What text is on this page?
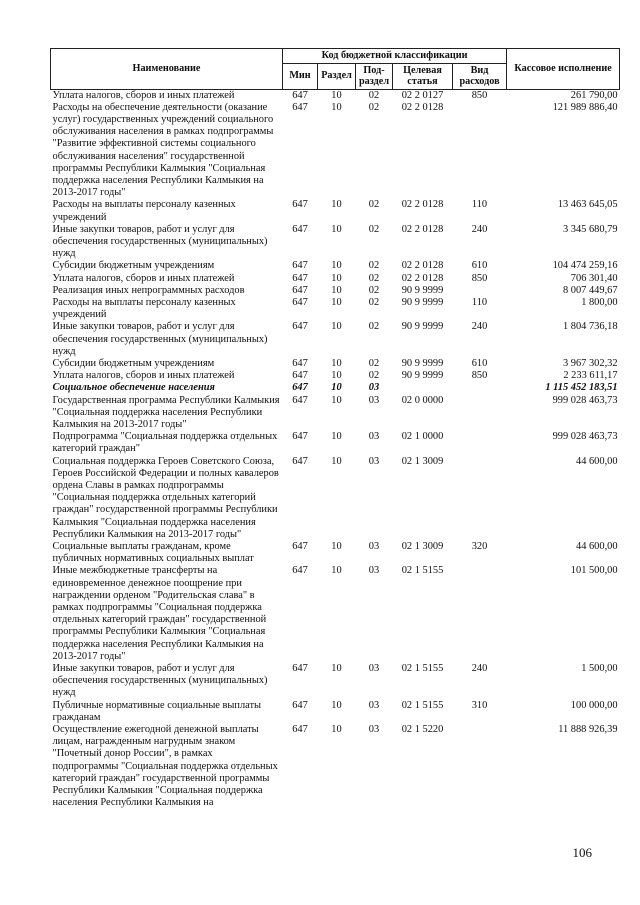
Наименование	Код бюджетной классификации					Кассовое исполнение
	Мин	Раздел	Под-раздел	Целевая статья	Вид расходов	
Уплата налогов, сборов и иных платежей	647	10	02	02 2 0127	850	261 790,00
Расходы на обеспечение деятельности (оказание услуг) государственных учреждений социального обслуживания населения в рамках подпрограммы "Развитие эффективной системы социального обслуживания населения" государственной программы Республики Калмыкия "Социальная поддержка населения Республики Калмыкия на 2013-2017 годы"	647	10	02	02 2 0128		121 989 886,40
Расходы на выплаты персоналу казенных учреждений	647	10	02	02 2 0128	110	13 463 645,05
Иные закупки товаров, работ и услуг для обеспечения государственных (муниципальных) нужд	647	10	02	02 2 0128	240	3 345 680,79
Субсидии бюджетным учреждениям	647	10	02	02 2 0128	610	104 474 259,16
Уплата налогов, сборов и иных платежей	647	10	02	02 2 0128	850	706 301,40
Реализация иных непрограммных расходов	647	10	02	90 9 9999		8 007 449,67
Расходы на выплаты персоналу казенных учреждений	647	10	02	90 9 9999	110	1 800,00
Иные закупки товаров, работ и услуг для обеспечения государственных (муниципальных) нужд	647	10	02	90 9 9999	240	1 804 736,18
Субсидии бюджетным учреждениям	647	10	02	90 9 9999	610	3 967 302,32
Уплата налогов, сборов и иных платежей	647	10	02	90 9 9999	850	2 233 611,17
Социальное обеспечение населения	647	10	03			1 115 452 183,51
Государственная программа Республики Калмыкия "Социальная поддержка населения Республики Калмыкия на 2013-2017 годы"	647	10	03	02 0 0000		999 028 463,73
Подпрограмма "Социальная поддержка отдельных категорий граждан"	647	10	03	02 1 0000		999 028 463,73
Социальная поддержка Героев Советского Союза, Героев Российской Федерации и полных кавалеров ордена Славы в рамках подпрограммы "Социальная поддержка отдельных категорий граждан" государственной программы Республики Калмыкия "Социальная поддержка населения Республики Калмыкия на 2013-2017 годы"	647	10	03	02 1 3009		44 600,00
Социальные выплаты гражданам, кроме публичных нормативных социальных выплат	647	10	03	02 1 3009	320	44 600,00
Иные межбюджетные трансферты на единовременное денежное поощрение при награждении орденом "Родительская слава" в рамках подпрограммы "Социальная поддержка отдельных категорий граждан" государственной программы Республики Калмыкия "Социальная поддержка населения Республики Калмыкия на 2013-2017 годы"	647	10	03	02 1 5155		101 500,00
Иные закупки товаров, работ и услуг для обеспечения государственных (муниципальных) нужд	647	10	03	02 1 5155	240	1 500,00
Публичные нормативные социальные выплаты гражданам	647	10	03	02 1 5155	310	100 000,00
Осуществление ежегодной денежной выплаты лицам, награжденным нагрудным знаком "Почетный донор России", в рамках подпрограммы "Социальная поддержка отдельных категорий граждан" государственной программы Республики Калмыкия "Социальная поддержка населения Республики Калмыкия на	647	10	03	02 1 5220		11 888 926,39
106
